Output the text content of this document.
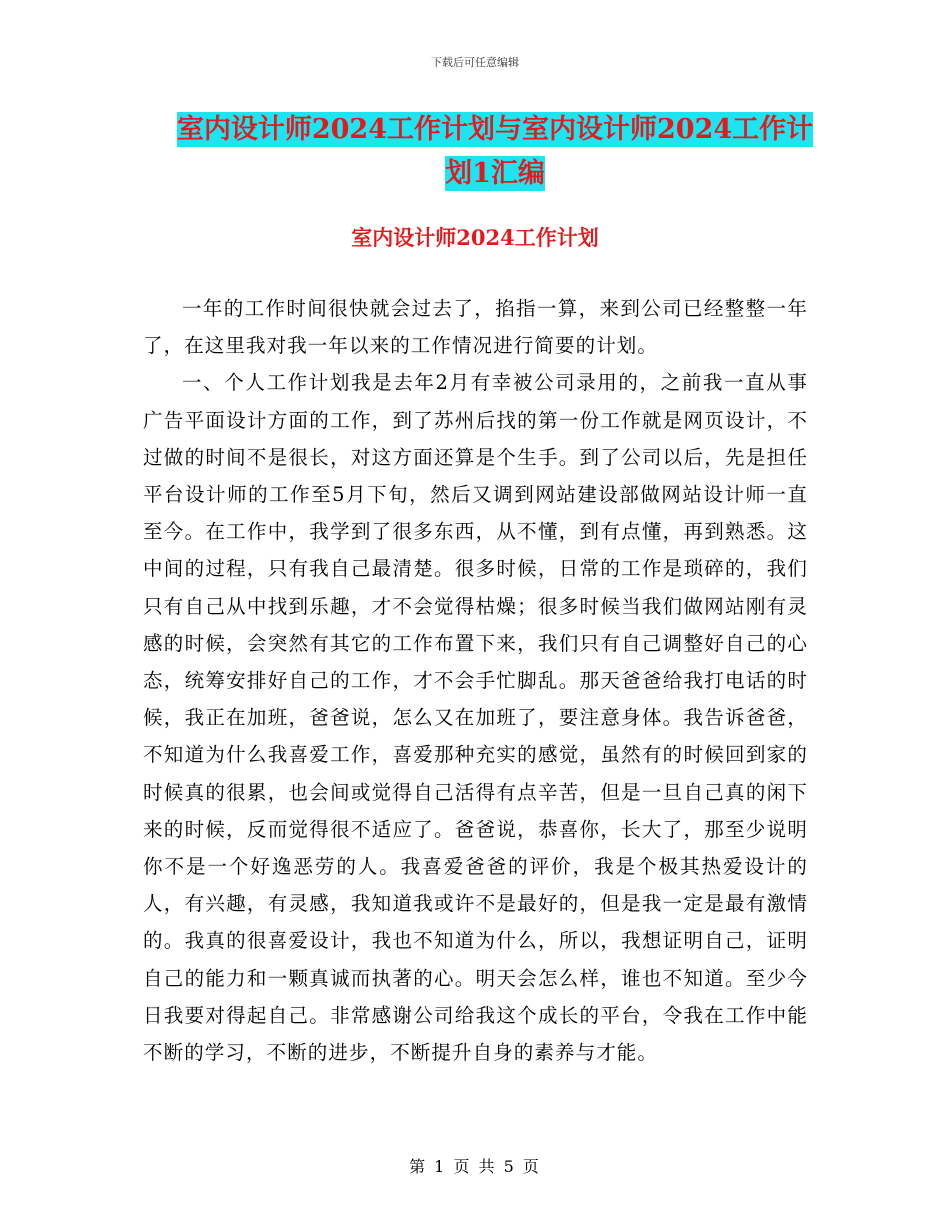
下载后可任意编辑
室内设计师2024工作计划与室内设计师2024工作计
划1汇编
室内设计师2024工作计划

一年的工作时间很快就会过去了，掐指一算，来到公司已经整整一年了，在这里我对我一年以来的工作情况进行简要的计划。

一、个人工作计划我是去年2月有幸被公司录用的，之前我一直从事广告平面设计方面的工作，到了苏州后找的第一份工作就是网页设计，不过做的时间不是很长，对这方面还算是个生手。到了公司以后，先是担任平台设计师的工作至5月下旬，然后又调到网站建设部做网站设计师一直至今。在工作中，我学到了很多东西，从不懂，到有点懂，再到熟悉。这中间的过程，只有我自己最清楚。很多时候，日常的工作是琐碎的，我们只有自己从中找到乐趣，才不会觉得枯燥；很多时候当我们做网站刚有灵感的时候，会突然有其它的工作布置下来，我们只有自己调整好自己的心态，统筹安排好自己的工作，才不会手忙脚乱。那天爸爸给我打电话的时候，我正在加班，爸爸说，怎么又在加班了，要注意身体。我告诉爸爸，不知道为什么我喜爱工作，喜爱那种充实的感觉，虽然有的时候回到家的时候真的很累，也会间或觉得自己活得有点辛苦，但是一旦自己真的闲下来的时候，反而觉得很不适应了。爸爸说，恭喜你，长大了，那至少说明你不是一个好逸恶劳的人。我喜爱爸爸的评价，我是个极其热爱设计的人，有兴趣，有灵感，我知道我或许不是最好的，但是我一定是最有激情的。我真的很喜爱设计，我也不知道为什么，所以，我想证明自己，证明自己的能力和一颗真诚而执著的心。明天会怎么样，谁也不知道。至少今日我要对得起自己。非常感谢公司给我这个成长的平台，令我在工作中能不断的学习，不断的进步，不断提升自身的素养与才能。

第 1 页 共 5 页
